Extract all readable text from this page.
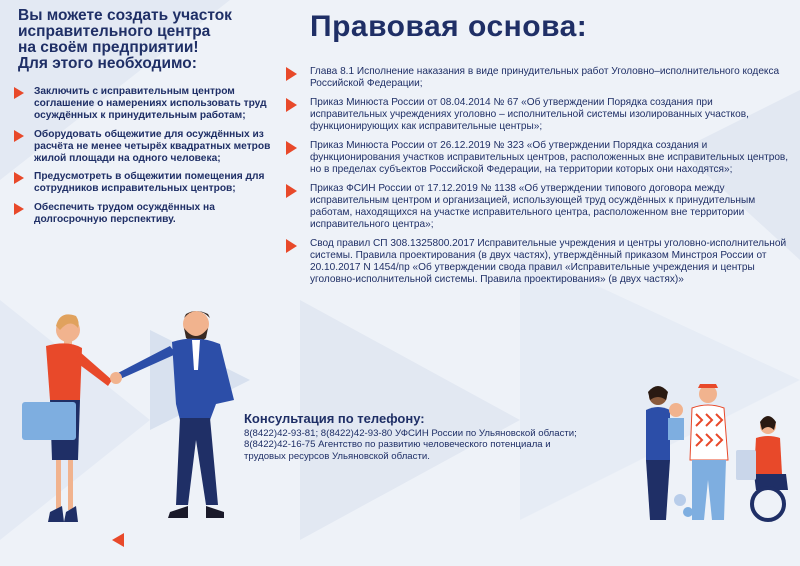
Вы можете создать участок
исправительного центра
на своём предприятии!
Для этого необходимо:
Заключить с исправительным центром соглашение о намерениях использовать труд осуждённых к принудительным работам;
Оборудовать общежитие для осуждённых из расчёта не менее четырёх квадратных метров жилой площади на одного человека;
Предусмотреть в общежитии помещения для сотрудников исправительных центров;
Обеспечить трудом осуждённых на долгосрочную перспективу.
Правовая основа:
Глава 8.1 Исполнение наказания в виде принудительных работ Уголовно–исполнительного кодекса Российской Федерации;
Приказ Минюста России от 08.04.2014 № 67 «Об утверждении Порядка создания при исправительных учреждениях уголовно – исполнительной системы изолированных участков, функционирующих как исправительные центры»;
Приказ Минюста России от 26.12.2019 № 323 «Об утверждении Порядка создания и функционирования участков исправительных центров, расположенных вне исправительных центров, но в пределах субъектов Российской Федерации, на территории которых они находятся»;
Приказ ФСИН России от 17.12.2019 № 1138 «Об утверждении типового договора между исправительным центром и организацией, использующей труд осуждённых к принудительным работам, находящихся на участке исправительного центра, расположенном вне территории исправительного центра»;
Свод правил СП 308.1325800.2017 Исправительные учреждения и центры уголовно-исполнительной системы. Правила проектирования (в двух частях), утверждённый приказом Минстроя России от 20.10.2017 N 1454/пр «Об утверждении свода правил «Исправительные учреждения и центры уголовно-исполнительной системы. Правила проектирования» (в двух частях)»
Консультация по телефону:
8(8422)42-93-81; 8(8422)42-93-80 УФСИН России по Ульяновской области;
8(8422)42-16-75 Агентство по развитию человеческого потенциала и
трудовых ресурсов Ульяновской области.
